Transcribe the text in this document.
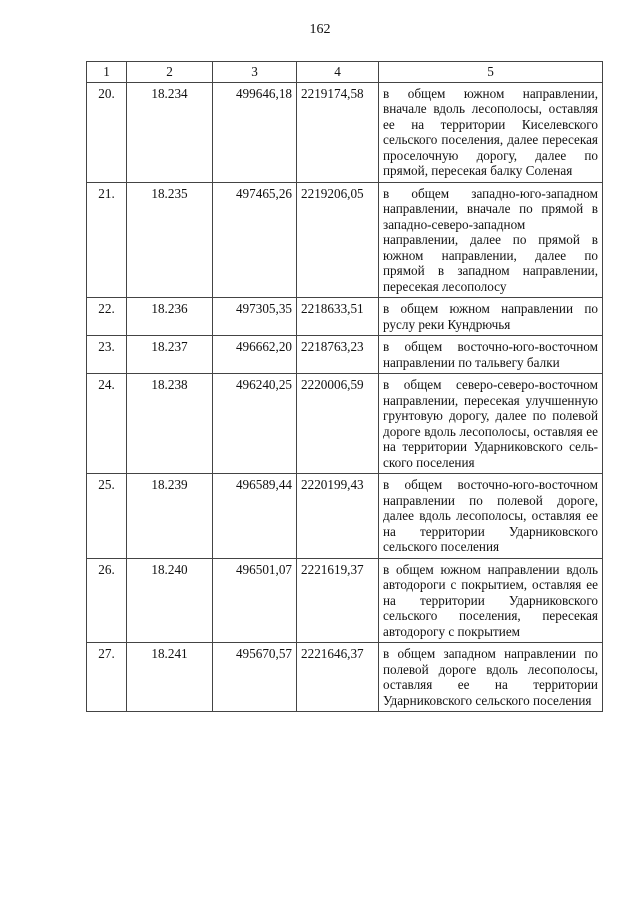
162
1	2	3	4	5
20.	18.234	499646,18	2219174,58	в общем южном направлении, вначале вдоль лесополосы, оставляя ее на территории Киселевского сельского поселения, далее пересекая проселочную дорогу, далее по прямой, пересекая балку Соленая
21.	18.235	497465,26	2219206,05	в общем западно-юго-западном направлении, вначале по прямой в западно-северо-западном направлении, далее по прямой в южном направлении, далее по прямой в западном направлении, пересекая лесополосу
22.	18.236	497305,35	2218633,51	в общем южном направлении по руслу реки Кундрючья
23.	18.237	496662,20	2218763,23	в общем восточно-юго-восточном направлении по тальвегу балки
24.	18.238	496240,25	2220006,59	в общем северо-северо-восточном направлении, пересекая улучшенную грунтовую дорогу, далее по полевой дороге вдоль лесополосы, оставляя ее на территории Ударниковского сельского поселения
25.	18.239	496589,44	2220199,43	в общем восточно-юго-восточном направлении по полевой дороге, далее вдоль лесополосы, оставляя ее на территории Ударниковского сельского поселения
26.	18.240	496501,07	2221619,37	в общем южном направлении вдоль автодороги с покрытием, оставляя ее на территории Ударниковского сельского поселения, пересекая автодорогу с покрытием
27.	18.241	495670,57	2221646,37	в общем западном направлении по полевой дороге вдоль лесополосы, оставляя ее на территории Ударниковского сельского поселения
